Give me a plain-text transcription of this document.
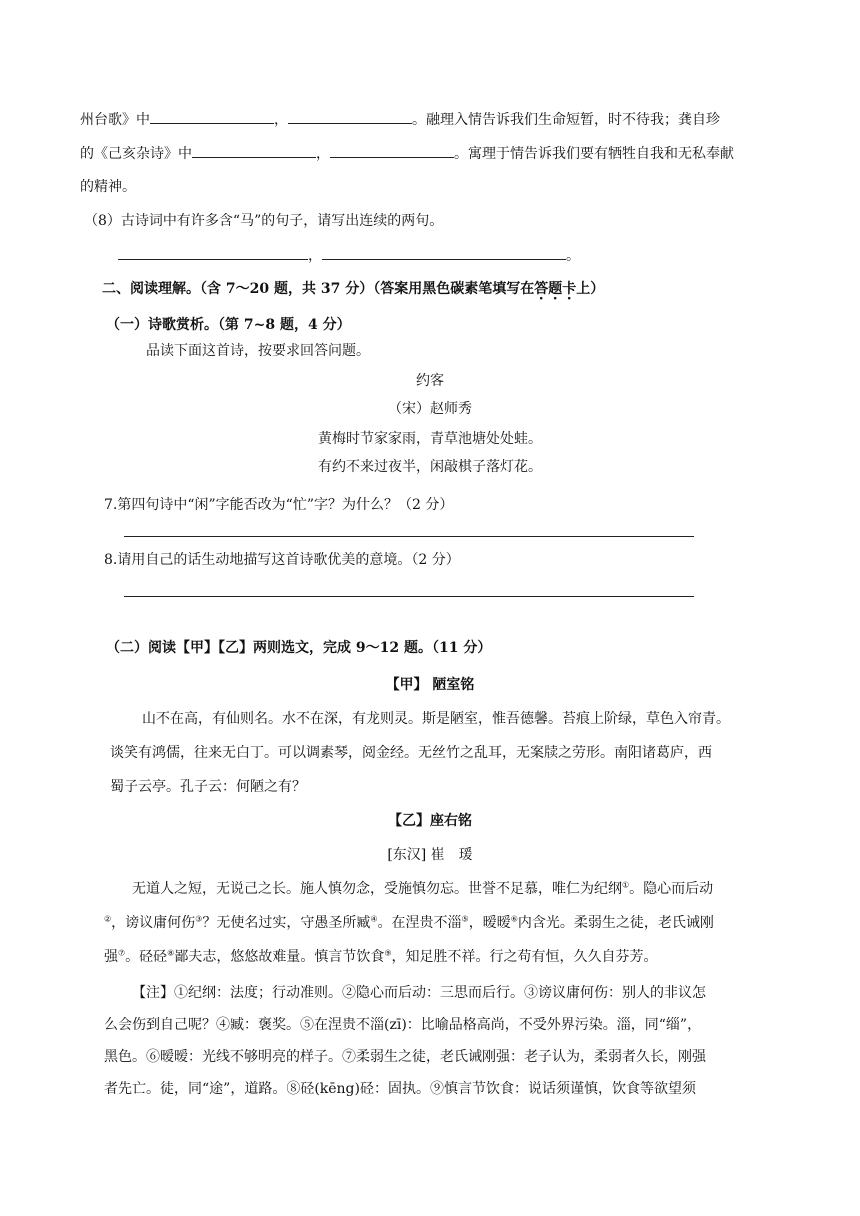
州台歌》中	，	。融理入情告诉我们生命短暂，时不待我；龚自珍
的《己亥杂诗》中	，	。寓理于情告诉我们要有牺牲自我和无私奉献
的精神。
（8）古诗词中有许多含“马”的句子，请写出连续的两句。
，	。
二、阅读理解。（含 7～20 题，共 37 分）（答案用黑色碳素笔填写在答题卡上）
（一）诗歌赏析。（第 7~8 题，4 分）
品读下面这首诗，按要求回答问题。
约客
（宋）赵师秀
黄梅时节家家雨，青草池塘处处蛙。
有约不来过夜半，闲敲棋子落灯花。
7.第四句诗中“闲”字能否改为“忙”字？为什么？（2 分）
8.请用自己的话生动地描写这首诗歌优美的意境。（2 分）
（二）阅读【甲】【乙】两则选文，完成 9～12 题。（11 分）
【甲】 陋室铭
山不在高，有仙则名。水不在深，有龙则灵。斯是陋室，惟吾德馨。苔痕上阶绿，草色入帘青。
谈笑有鸿儒，往来无白丁。可以调素琴，阅金经。无丝竹之乱耳，无案牍之劳形。南阳诸葛庐，西
蜀子云亭。孔子云：何陋之有？
【乙】座右铭
[东汉] 崔　瑗
无道人之短，无说己之长。施人慎勿念，受施慎勿忘。世誉不足慕，唯仁为纪纲①。隐心而后动
②，谤议庸何伤③？无使名过实，守愚圣所臧④。在涅贵不淄⑤，暧暧⑥内含光。柔弱生之徒，老氏诫刚
强⑦。硁硁⑧鄙夫志，悠悠故难量。慎言节饮食⑨，知足胜不祥。行之苟有恒，久久自芬芳。
【注】①纪纲：法度；行动准则。②隐心而后动：三思而后行。③谤议庸何伤：别人的非议怎
么会伤到自己呢？④臧：褒奖。⑤在涅贵不淄(zī)：比喻品格高尚，不受外界污染。淄，同“缁”，
黑色。⑥暧暧：光线不够明亮的样子。⑦柔弱生之徒，老氏诫刚强：老子认为，柔弱者久长，刚强
者先亡。徒，同“途”，道路。⑧硁(kēng)硁：固执。⑨慎言节饮食：说话须谨慎，饮食等欲望须
